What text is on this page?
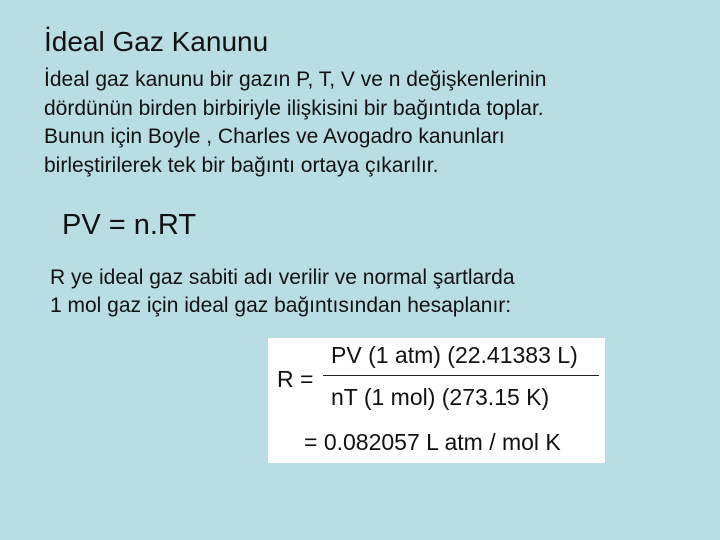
İdeal Gaz Kanunu

İdeal gaz kanunu bir gazın P, T, V ve n değişkenlerinin
dördünün birden birbiriyle ilişkisini bir bağıntıda toplar.
Bunun için Boyle , Charles ve Avogadro kanunları
birleştirilerek tek bir bağıntı ortaya çıkarılır.

PV = n.RT

R ye ideal gaz sabiti adı verilir ve normal şartlarda
1 mol gaz için ideal gaz bağıntısından hesaplanır:

R =
PV (1 atm) (22.41383 L)
nT (1 mol) (273.15 K)
= 0.082057 L atm / mol K
